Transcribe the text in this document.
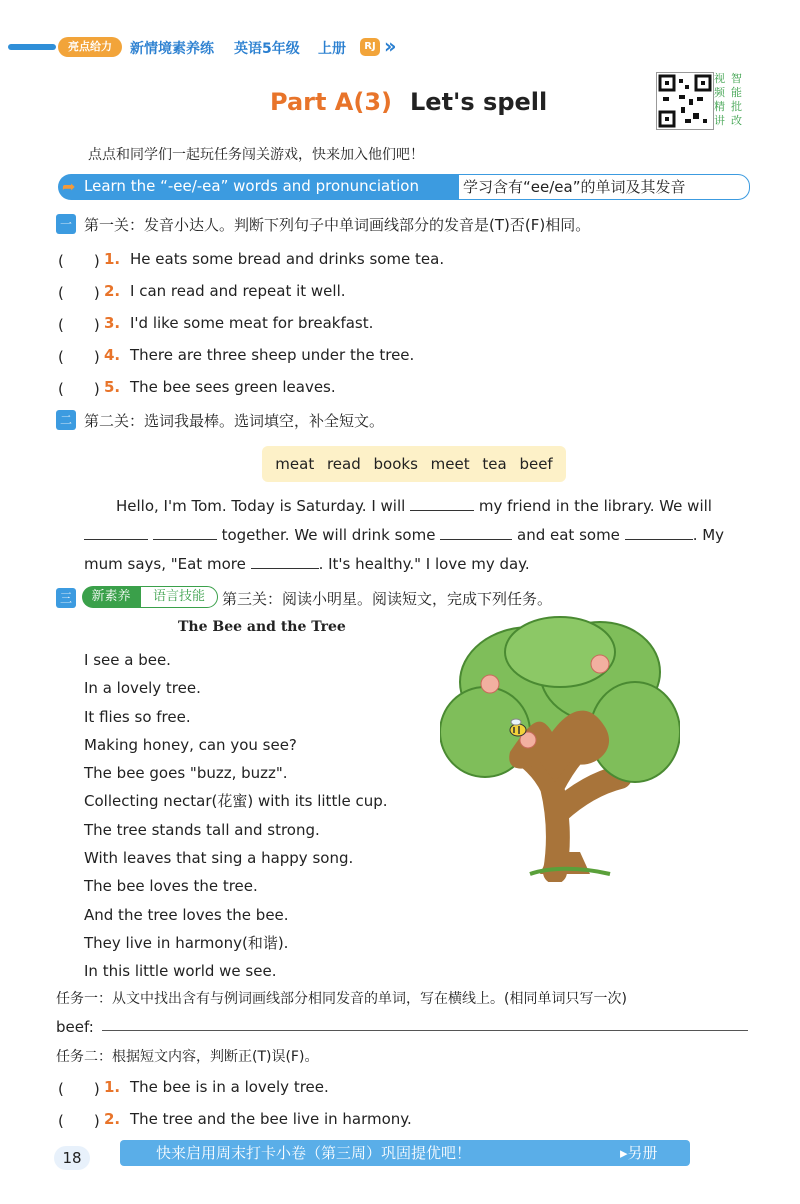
亮点给力	新情境素养练 英语5年级 上册	RJ ››
Part A(3) Let's spell
视频精讲
智能批改
点点和同学们一起玩任务闯关游戏，快来加入他们吧！
➦ Learn the “-ee/-ea” words and pronunciation	学习含有“ee/ea”的单词及其发音
一 第一关：发音小达人。判断下列句子中单词画线部分的发音是(T)否(F)相同。
(　　) 1. He eats some bread and drinks some tea.
(　　) 2. I can read and repeat it well.
(　　) 3. I'd like some meat for breakfast.
(　　) 4. There are three sheep under the tree.
(　　) 5. The bee sees green leaves.
二 第二关：选词我最棒。选词填空，补全短文。
meat read books meet tea beef
Hello, I'm Tom. Today is Saturday. I will	my friend in the library. We will
together. We will drink some	and eat some	. My
mum says, "Eat more	. It's healthy." I love my day.
三	新素养	语言技能	第三关：阅读小明星。阅读短文，完成下列任务。
The Bee and the Tree
I see a bee.
In a lovely tree.
It flies so free.
Making honey, can you see?
The bee goes "buzz, buzz".
Collecting nectar(花蜜) with its little cup.
The tree stands tall and strong.
With leaves that sing a happy song.
The bee loves the tree.
And the tree loves the bee.
They live in harmony(和谐).
In this little world we see.
任务一：从文中找出含有与例词画线部分相同发音的单词，写在横线上。(相同单词只写一次)
beef:
任务二：根据短文内容，判断正(T)误(F)。
(　　) 1. The bee is in a lovely tree.
(　　) 2. The tree and the bee live in harmony.
18	快来启用周末打卡小卷（第三周）巩固提优吧！	▸另册
